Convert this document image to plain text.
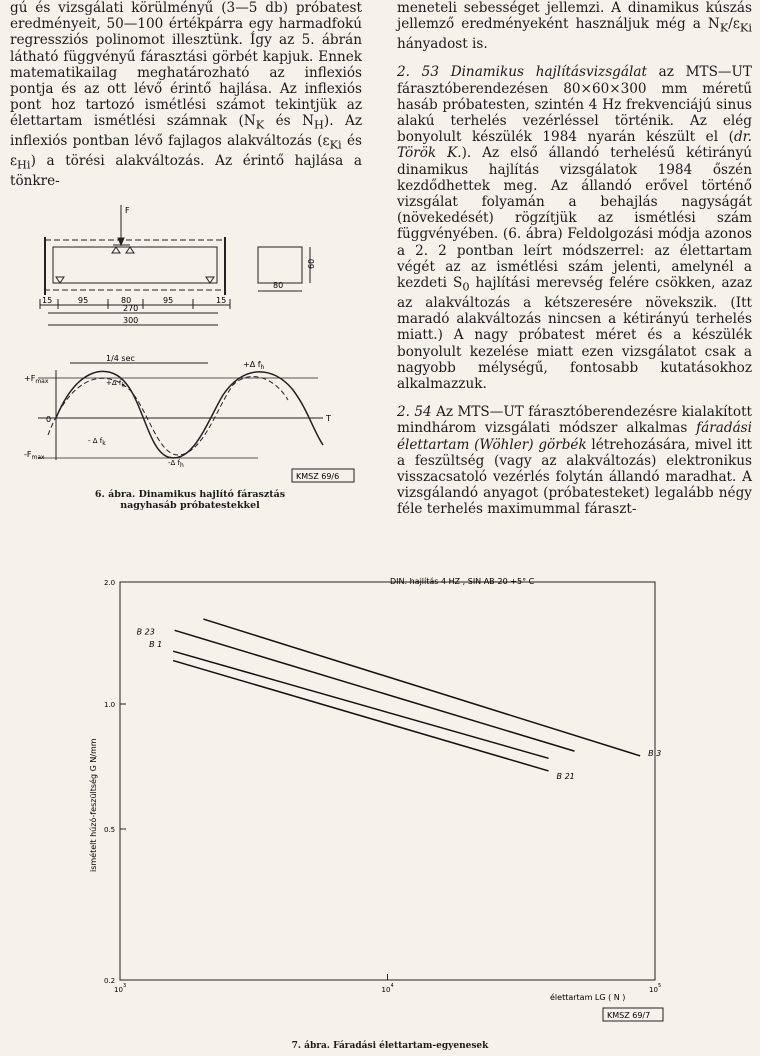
gú és vizsgálati körülményű (3—5 db) próbatest eredményeit, 50—100 értékpárra egy harmadfokú regressziós polinomot illesztünk. Így az 5. ábrán látható függvényű fárasztási görbét kapjuk. Ennek matematikailag meghatározható az inflexiós pontja és az ott lévő érintő hajlása. Az inflexiós pont hoz tartozó ismétlési számot tekintjük az élettartam ismétlési számnak ($N_K$ és $N_H$). Az inflexiós pontban lévő fajlagos alakváltozás ($\varepsilon_{Ki}$ és $\varepsilon_{Hi}$) a törési alakváltozás. Az érintő hajlása a tönkre-

meneteli sebességet jellemzi. A dinamikus kúszás jellemző eredményeként használjuk még a $N_K/\varepsilon_{Ki}$ hányadost is.

2. 53 Dinamikus hajlításvizsgálat az MTS—UT fárasztóberendezésen 80×60×300 mm méretű hasáb próbatesten, szintén 4 Hz frekvenciájú sinus alakú terhelés vezérléssel történik. Az elég bonyolult készülék 1984 nyarán készült el (dr. Török K.). Az első állandó terhelésű kétirányú dinamikus hajlítás vizsgálatok 1984 őszén kezdődhettek meg. Az állandó erővel történő vizsgálat folyamán a behajlás nagyságát (növekedését) rögzítjük az ismétlési szám függvényében. (6. ábra) Feldolgozási módja azonos a 2. 2 pontban leírt módszerrel: az élettartam végét az az ismétlési szám jelenti, amelynél a kezdeti $S_0$ hajlítási merevség felére csökken, azaz az alakváltozás a kétszeresére növekszik. (Itt maradó alakváltozás nincsen a kétirányú terhelés miatt.) A nagy próbatest méret és a készülék bonyolult kezelése miatt ezen vizsgálatot csak a nagyobb mélységű, fontosabb kutatásokhoz alkalmazzuk.

2. 54 Az MTS—UT fárasztóberendezésre kialakított mindhárom vizsgálati módszer alkalmas fáradási élettartam (Wöhler) görbék létrehozására, mivel itt a feszültség (vagy az alakváltozás) elektronikus visszacsatoló vezérlés folytán állandó maradhat. A vizsgálandó anyagot (próbatesteket) legalább négy féle terhelés maximummal fáraszt-

F
60
80
15	95	80	95	15
270
300
1/4 sec
+Δ $f_h$
+Δ fk
- Δ fk
-Δ fh
$+F_{max}$
$-F_{max}$
0	T
KMSZ 69/6
6. ábra. Dinamikus hajlító fárasztás
nagyhasáb próbatestekkel
2.0
1.0
0.5
0.2
10 3	10 4	10 5
B 23
B 1
B 21
B 3
DIN. hajlítás 4 HZ , SIN AB-20 +5° C
ismételt húzó-feszültség G N/mm
élettartam LG ( N )
KMSZ 69/7
7. ábra. Fáradási élettartam-egyenesek
